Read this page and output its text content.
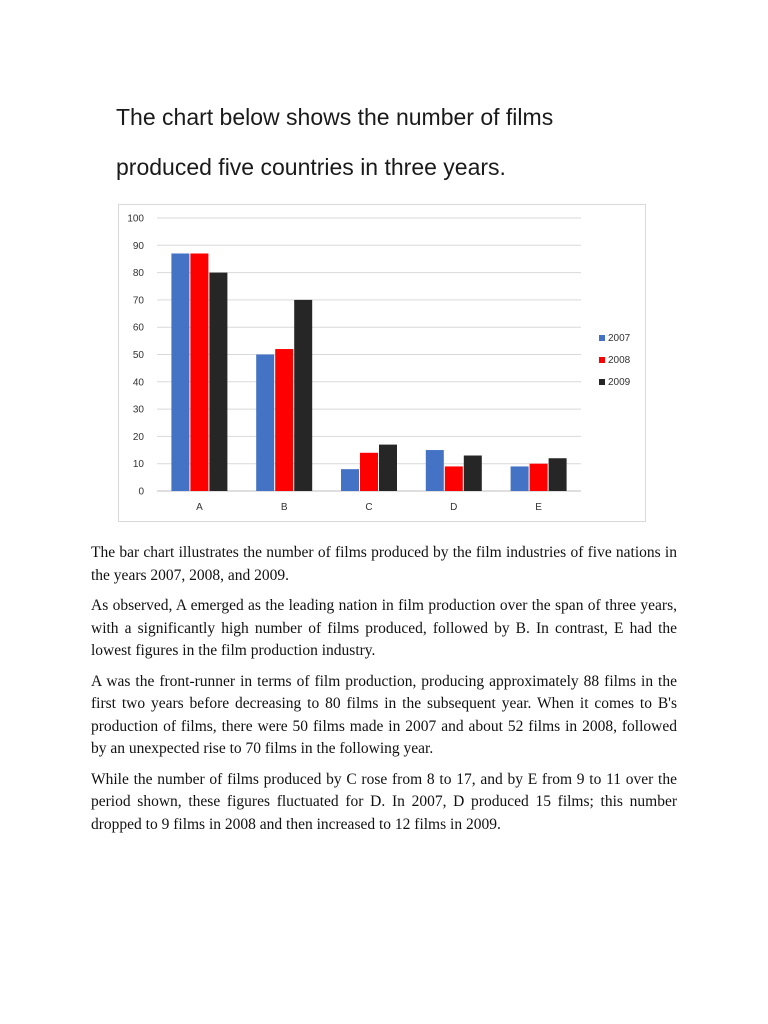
The chart below shows the number of films
produced five countries in three years.
0
10
20
30
40
50
60
70
80
90
100
A	B	C	D	E
2007
2008
2009

The bar chart illustrates the number of films produced by the film industries of five nations in the years 2007, 2008, and 2009.

As observed, A emerged as the leading nation in film production over the span of three years, with a significantly high number of films produced, followed by B. In contrast, E had the lowest figures in the film production industry.

A was the front-runner in terms of film production, producing approximately 88 films in the first two years before decreasing to 80 films in the subsequent year. When it comes to B's production of films, there were 50 films made in 2007 and about 52 films in 2008, followed by an unexpected rise to 70 films in the following year.

While the number of films produced by C rose from 8 to 17, and by E from 9 to 11 over the period shown, these figures fluctuated for D. In 2007, D produced 15 films; this number dropped to 9 films in 2008 and then increased to 12 films in 2009.
